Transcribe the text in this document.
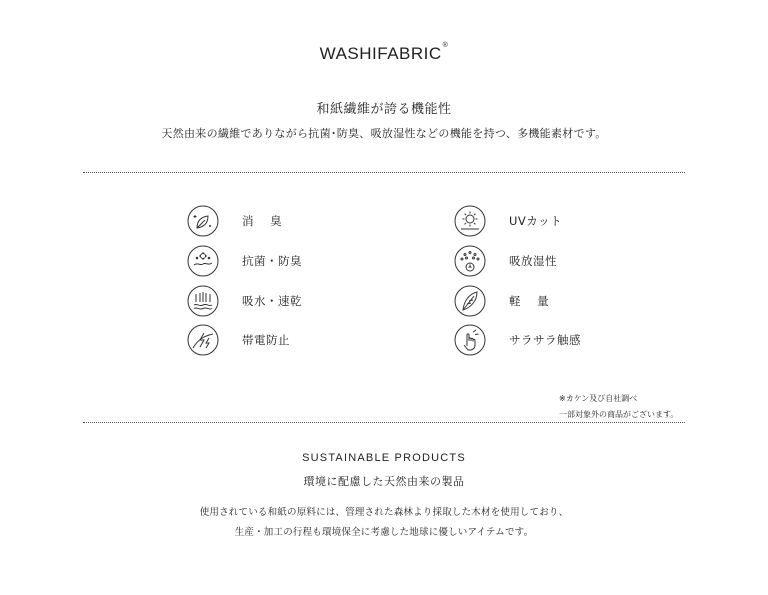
WASHIFABRIC®
和紙繊維が誇る機能性
天然由来の繊維でありながら抗菌･防臭、吸放湿性などの機能を持つ、多機能素材です。
消　 臭
抗菌・防臭
吸水・速乾
帯電防止
UVカット
吸放湿性
軽　 量
サラサラ触感
※カケン及び自社調べ
一部対象外の商品がございます。
SUSTAINABLE PRODUCTS
環境に配慮した天然由来の製品
使用されている和紙の原料には、管理された森林より採取した木材を使用しており、
生産・加工の行程も環境保全に考慮した地球に優しいアイテムです。
